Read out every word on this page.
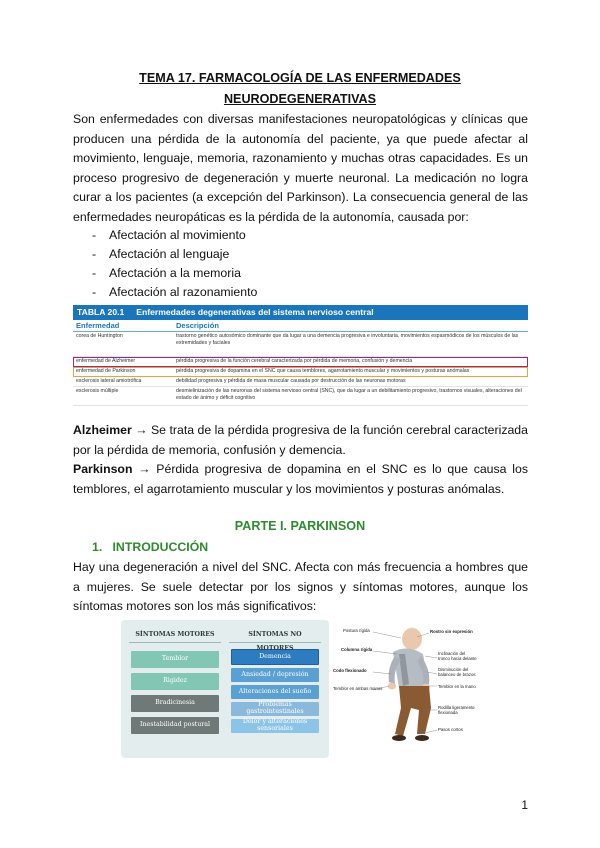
TEMA 17. FARMACOLOGÍA DE LAS ENFERMEDADES
NEURODEGENERATIVAS
Son enfermedades con diversas manifestaciones neuropatológicas y clínicas que producen una pérdida de la autonomía del paciente, ya que puede afectar al movimiento, lenguaje, memoria, razonamiento y muchas otras capacidades. Es un proceso progresivo de degeneración y muerte neuronal. La medicación no logra curar a los pacientes (a excepción del Parkinson). La consecuencia general de las enfermedades neuropáticas es la pérdida de la autonomía, causada por:
- Afectación al movimiento
- Afectación al lenguaje
- Afectación a la memoria
- Afectación al razonamiento
TABLA 20.1 Enfermedades degenerativas del sistema nervioso central
Enfermedad	Descripción
corea de Huntington	trastorno genético autosómico dominante que da lugar a una demencia progresiva e involuntaria, movimientos espasmódicos de los músculos de las extremidades y faciales
enfermedad de Alzheimer	pérdida progresiva de la función cerebral caracterizada por pérdida de memoria, confusión y demencia
enfermedad de Parkinson	pérdida progresiva de dopamina en el SNC que causa temblores, agarrotamiento muscular y movimientos y posturas anómalas
esclerosis lateral amiotrófica	debilidad progresiva y pérdida de masa muscular causada por destrucción de las neuronas motoras
esclerosis múltiple	desmielinización de las neuronas del sistema nervioso central (SNC), que da lugar a un debilitamiento progresivo, trastornos visuales, alteraciones del estado de ánimo y déficit cognitivo
Alzheimer → Se trata de la pérdida progresiva de la función cerebral caracterizada por la pérdida de memoria, confusión y demencia.
Parkinson → Pérdida progresiva de dopamina en el SNC es lo que causa los temblores, el agarrotamiento muscular y los movimientos y posturas anómalas.
PARTE I. PARKINSON
1. INTRODUCCIÓN
Hay una degeneración a nivel del SNC. Afecta con más frecuencia a hombres que a mujeres. Se suele detectar por los signos y síntomas motores, aunque los síntomas motores son los más significativos:
SÍNTOMAS MOTORES
Temblor
Rigidez
Bradicinesia
Inestabilidad postural
SÍNTOMAS NO MOTORES
Demencia
Ansiedad / depresión
Alteraciones del sueño
Problemas gastrointestinales
Dolor y alteraciones sensoriales
Postura rígida
Columna rígida
Codo flexionado
Temblor en ambas manos
Rostro sin expresión
Inclinación del tronco hacia delante
Disminución del balanceo de brazos
Temblor en la mano
Rodilla ligeramente flexionada
Pasos cortos
1
